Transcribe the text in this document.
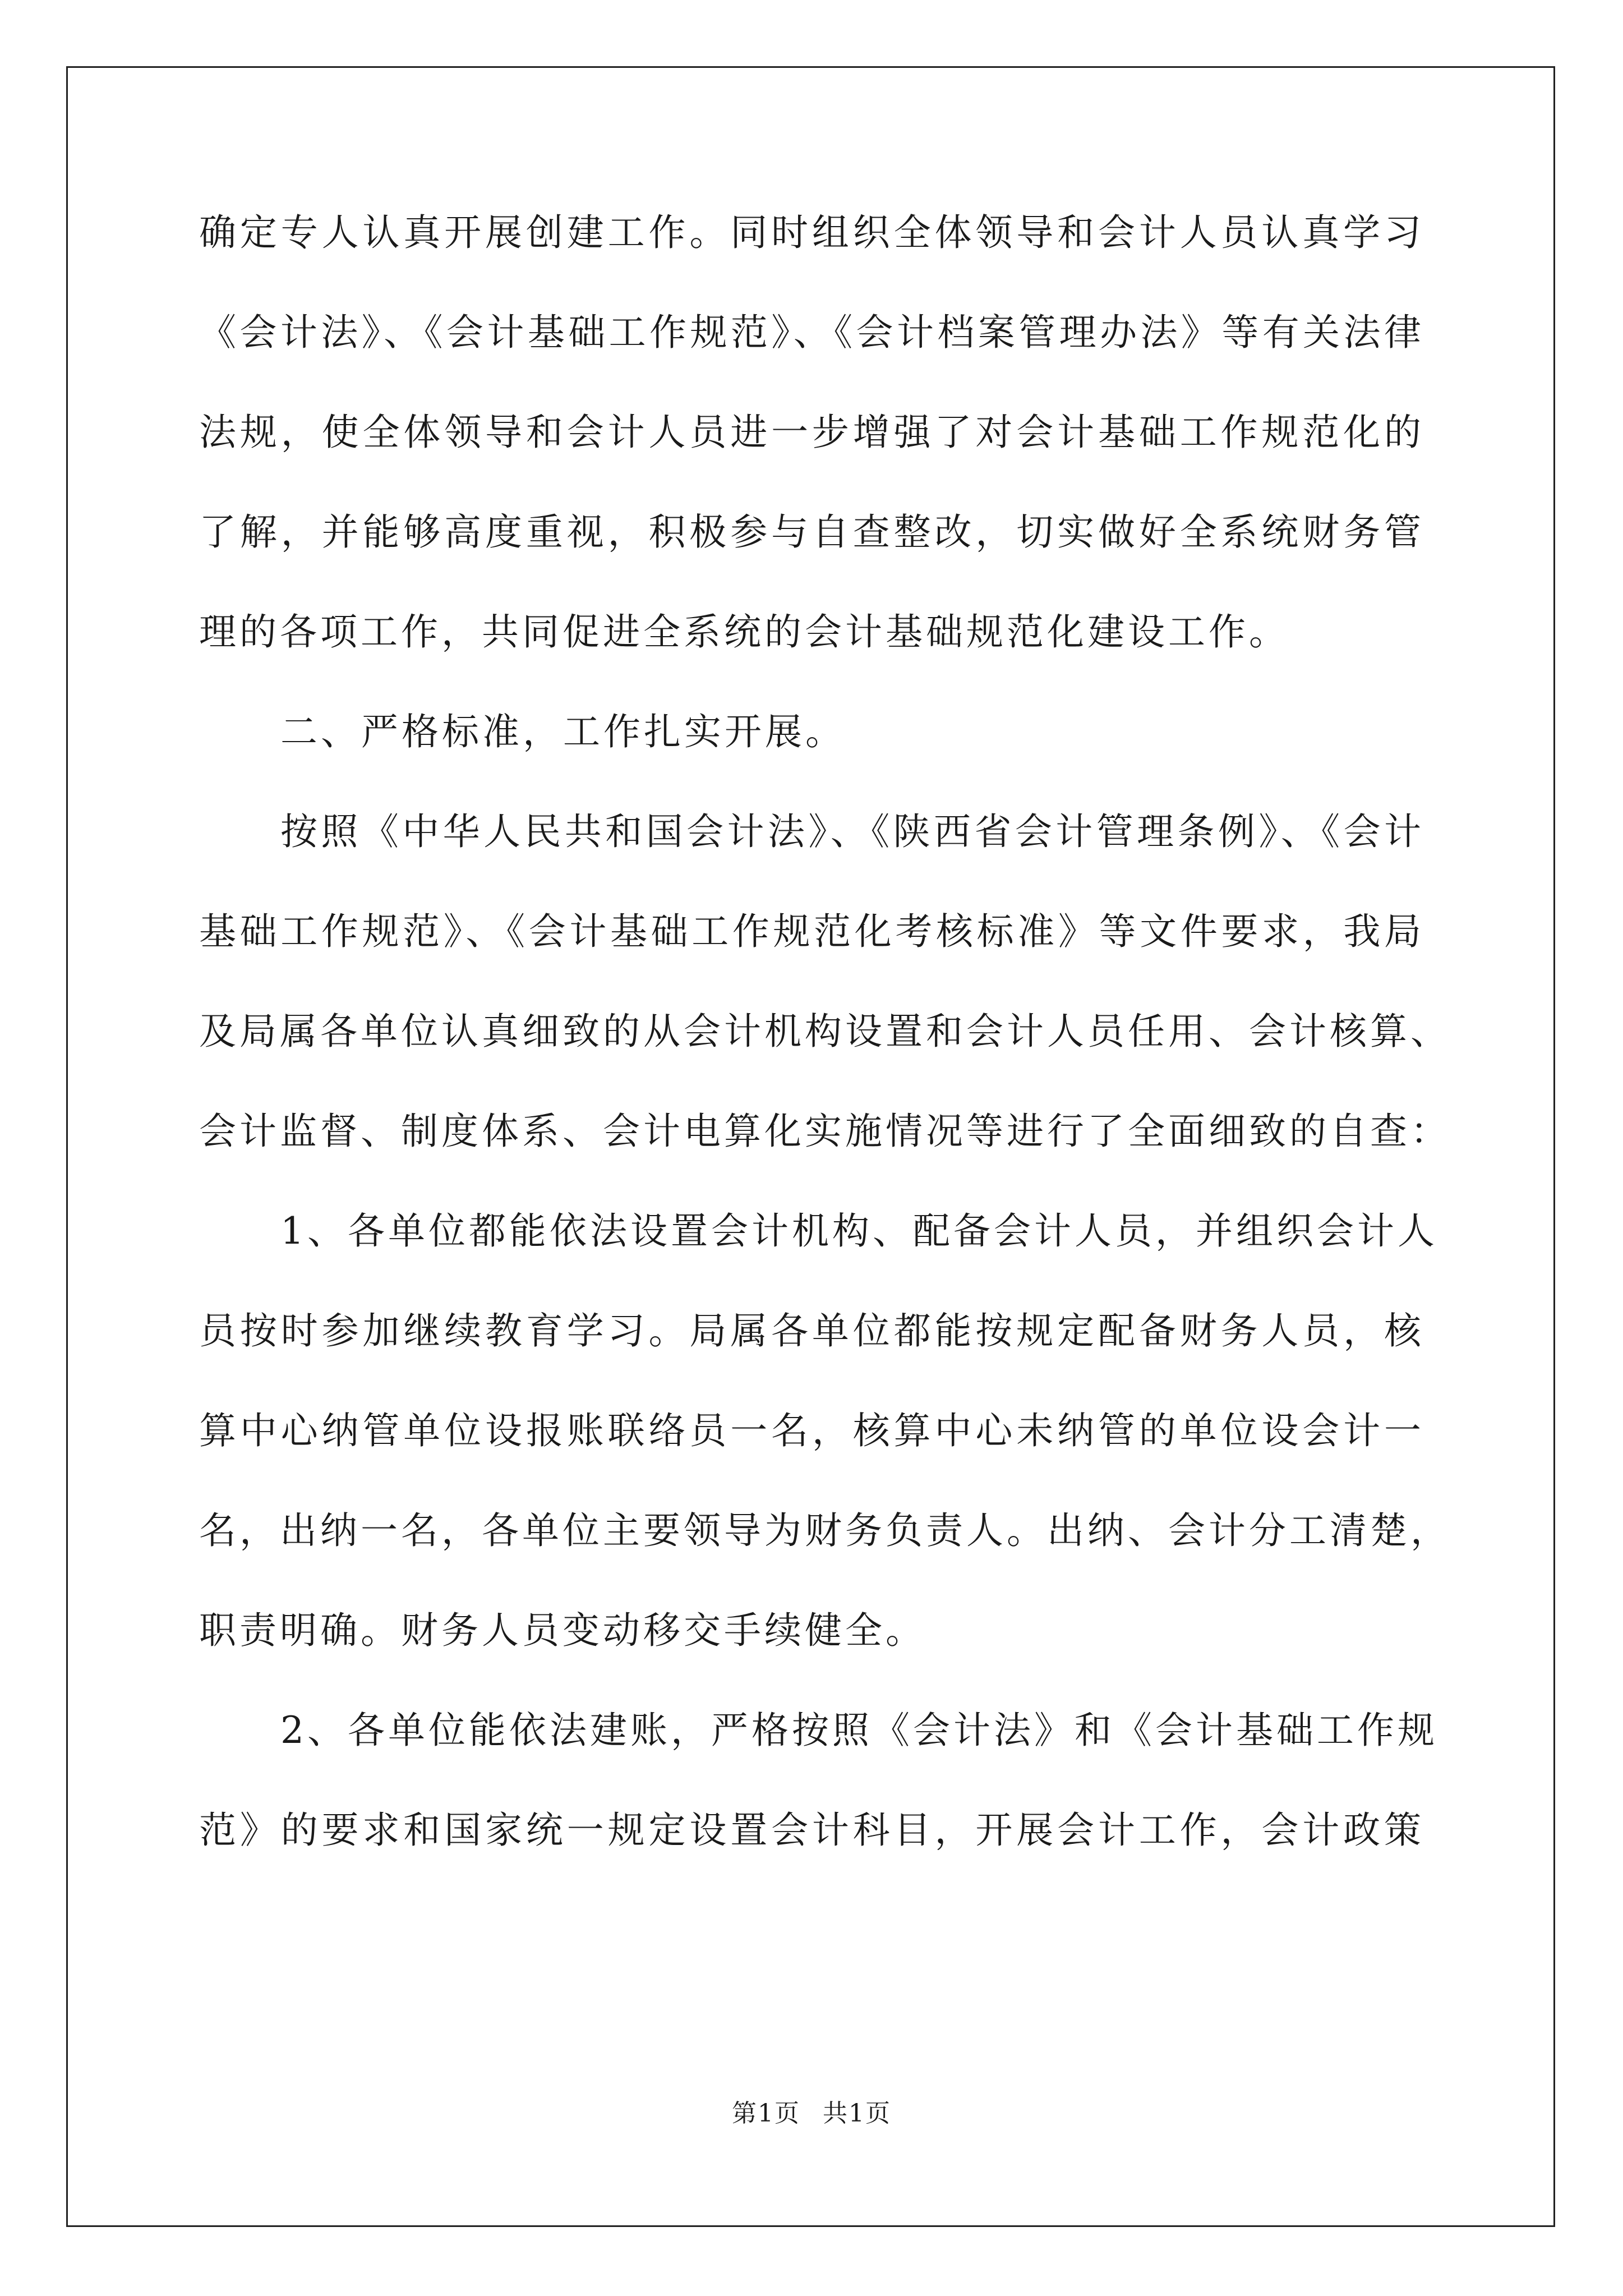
确定专人认真开展创建工作。同时组织全体领导和会计人员认真学习
《会计法》、《会计基础工作规范》、《会计档案管理办法》等有关法律
法规，使全体领导和会计人员进一步增强了对会计基础工作规范化的
了解，并能够高度重视，积极参与自查整改，切实做好全系统财务管
理的各项工作，共同促进全系统的会计基础规范化建设工作。
二、严格标准，工作扎实开展。
按照《中华人民共和国会计法》、《陕西省会计管理条例》、《会计
基础工作规范》、《会计基础工作规范化考核标准》等文件要求，我局
及局属各单位认真细致的从会计机构设置和会计人员任用、会计核算、
会计监督、制度体系、会计电算化实施情况等进行了全面细致的自查：
1、各单位都能依法设置会计机构、配备会计人员，并组织会计人
员按时参加继续教育学习。局属各单位都能按规定配备财务人员，核
算中心纳管单位设报账联络员一名，核算中心未纳管的单位设会计一
名，出纳一名，各单位主要领导为财务负责人。出纳、会计分工清楚，
职责明确。财务人员变动移交手续健全。
2、各单位能依法建账，严格按照《会计法》和《会计基础工作规
范》的要求和国家统一规定设置会计科目，开展会计工作，会计政策
第1页 共1页
